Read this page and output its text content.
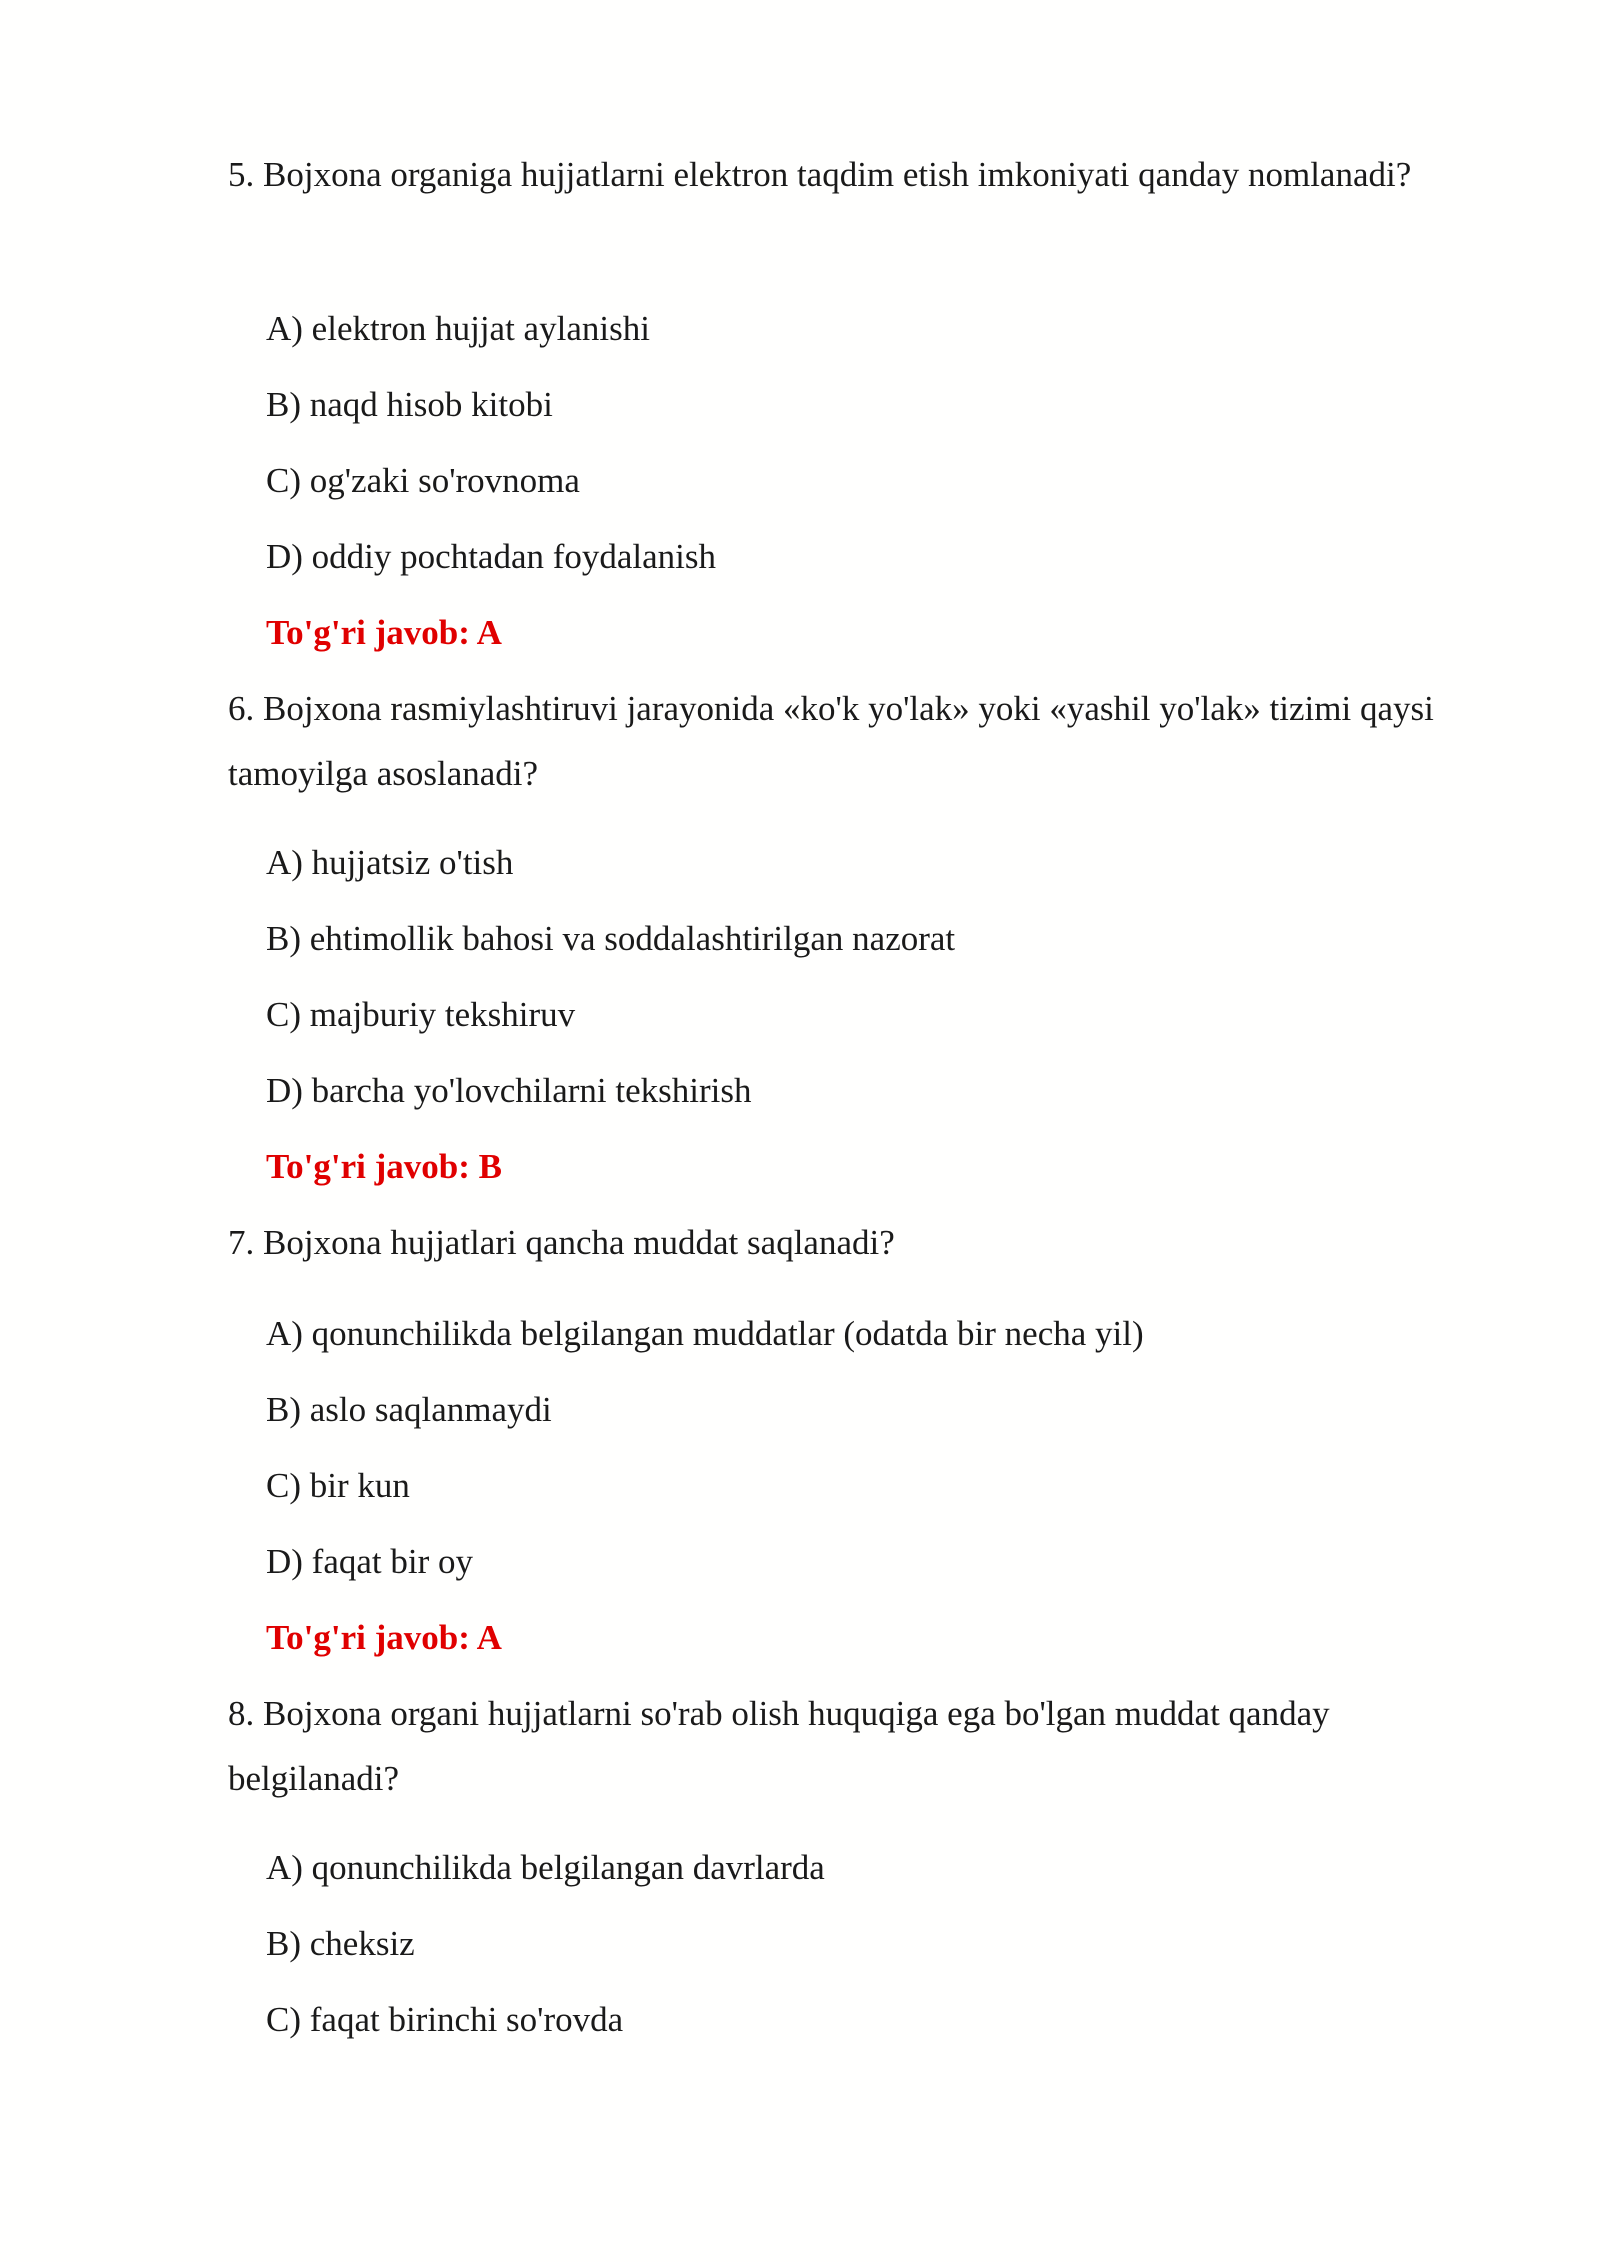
5. Bojxona organiga hujjatlarni elektron taqdim etish imkoniyati qanday nomlanadi?
A) elektron hujjat aylanishi
B) naqd hisob kitobi
C) og'zaki so'rovnoma
D) oddiy pochtadan foydalanish
To'g'ri javob: A
6. Bojxona rasmiylashtiruvi jarayonida «ko'k yo'lak» yoki «yashil yo'lak» tizimi qaysi tamoyilga asoslanadi?
A) hujjatsiz o'tish
B) ehtimollik bahosi va soddalashtirilgan nazorat
C) majburiy tekshiruv
D) barcha yo'lovchilarni tekshirish
To'g'ri javob: B
7. Bojxona hujjatlari qancha muddat saqlanadi?
A) qonunchilikda belgilangan muddatlar (odatda bir necha yil)
B) aslo saqlanmaydi
C) bir kun
D) faqat bir oy
To'g'ri javob: A
8. Bojxona organi hujjatlarni so'rab olish huquqiga ega bo'lgan muddat qanday belgilanadi?
A) qonunchilikda belgilangan davrlarda
B) cheksiz
C) faqat birinchi so'rovda
